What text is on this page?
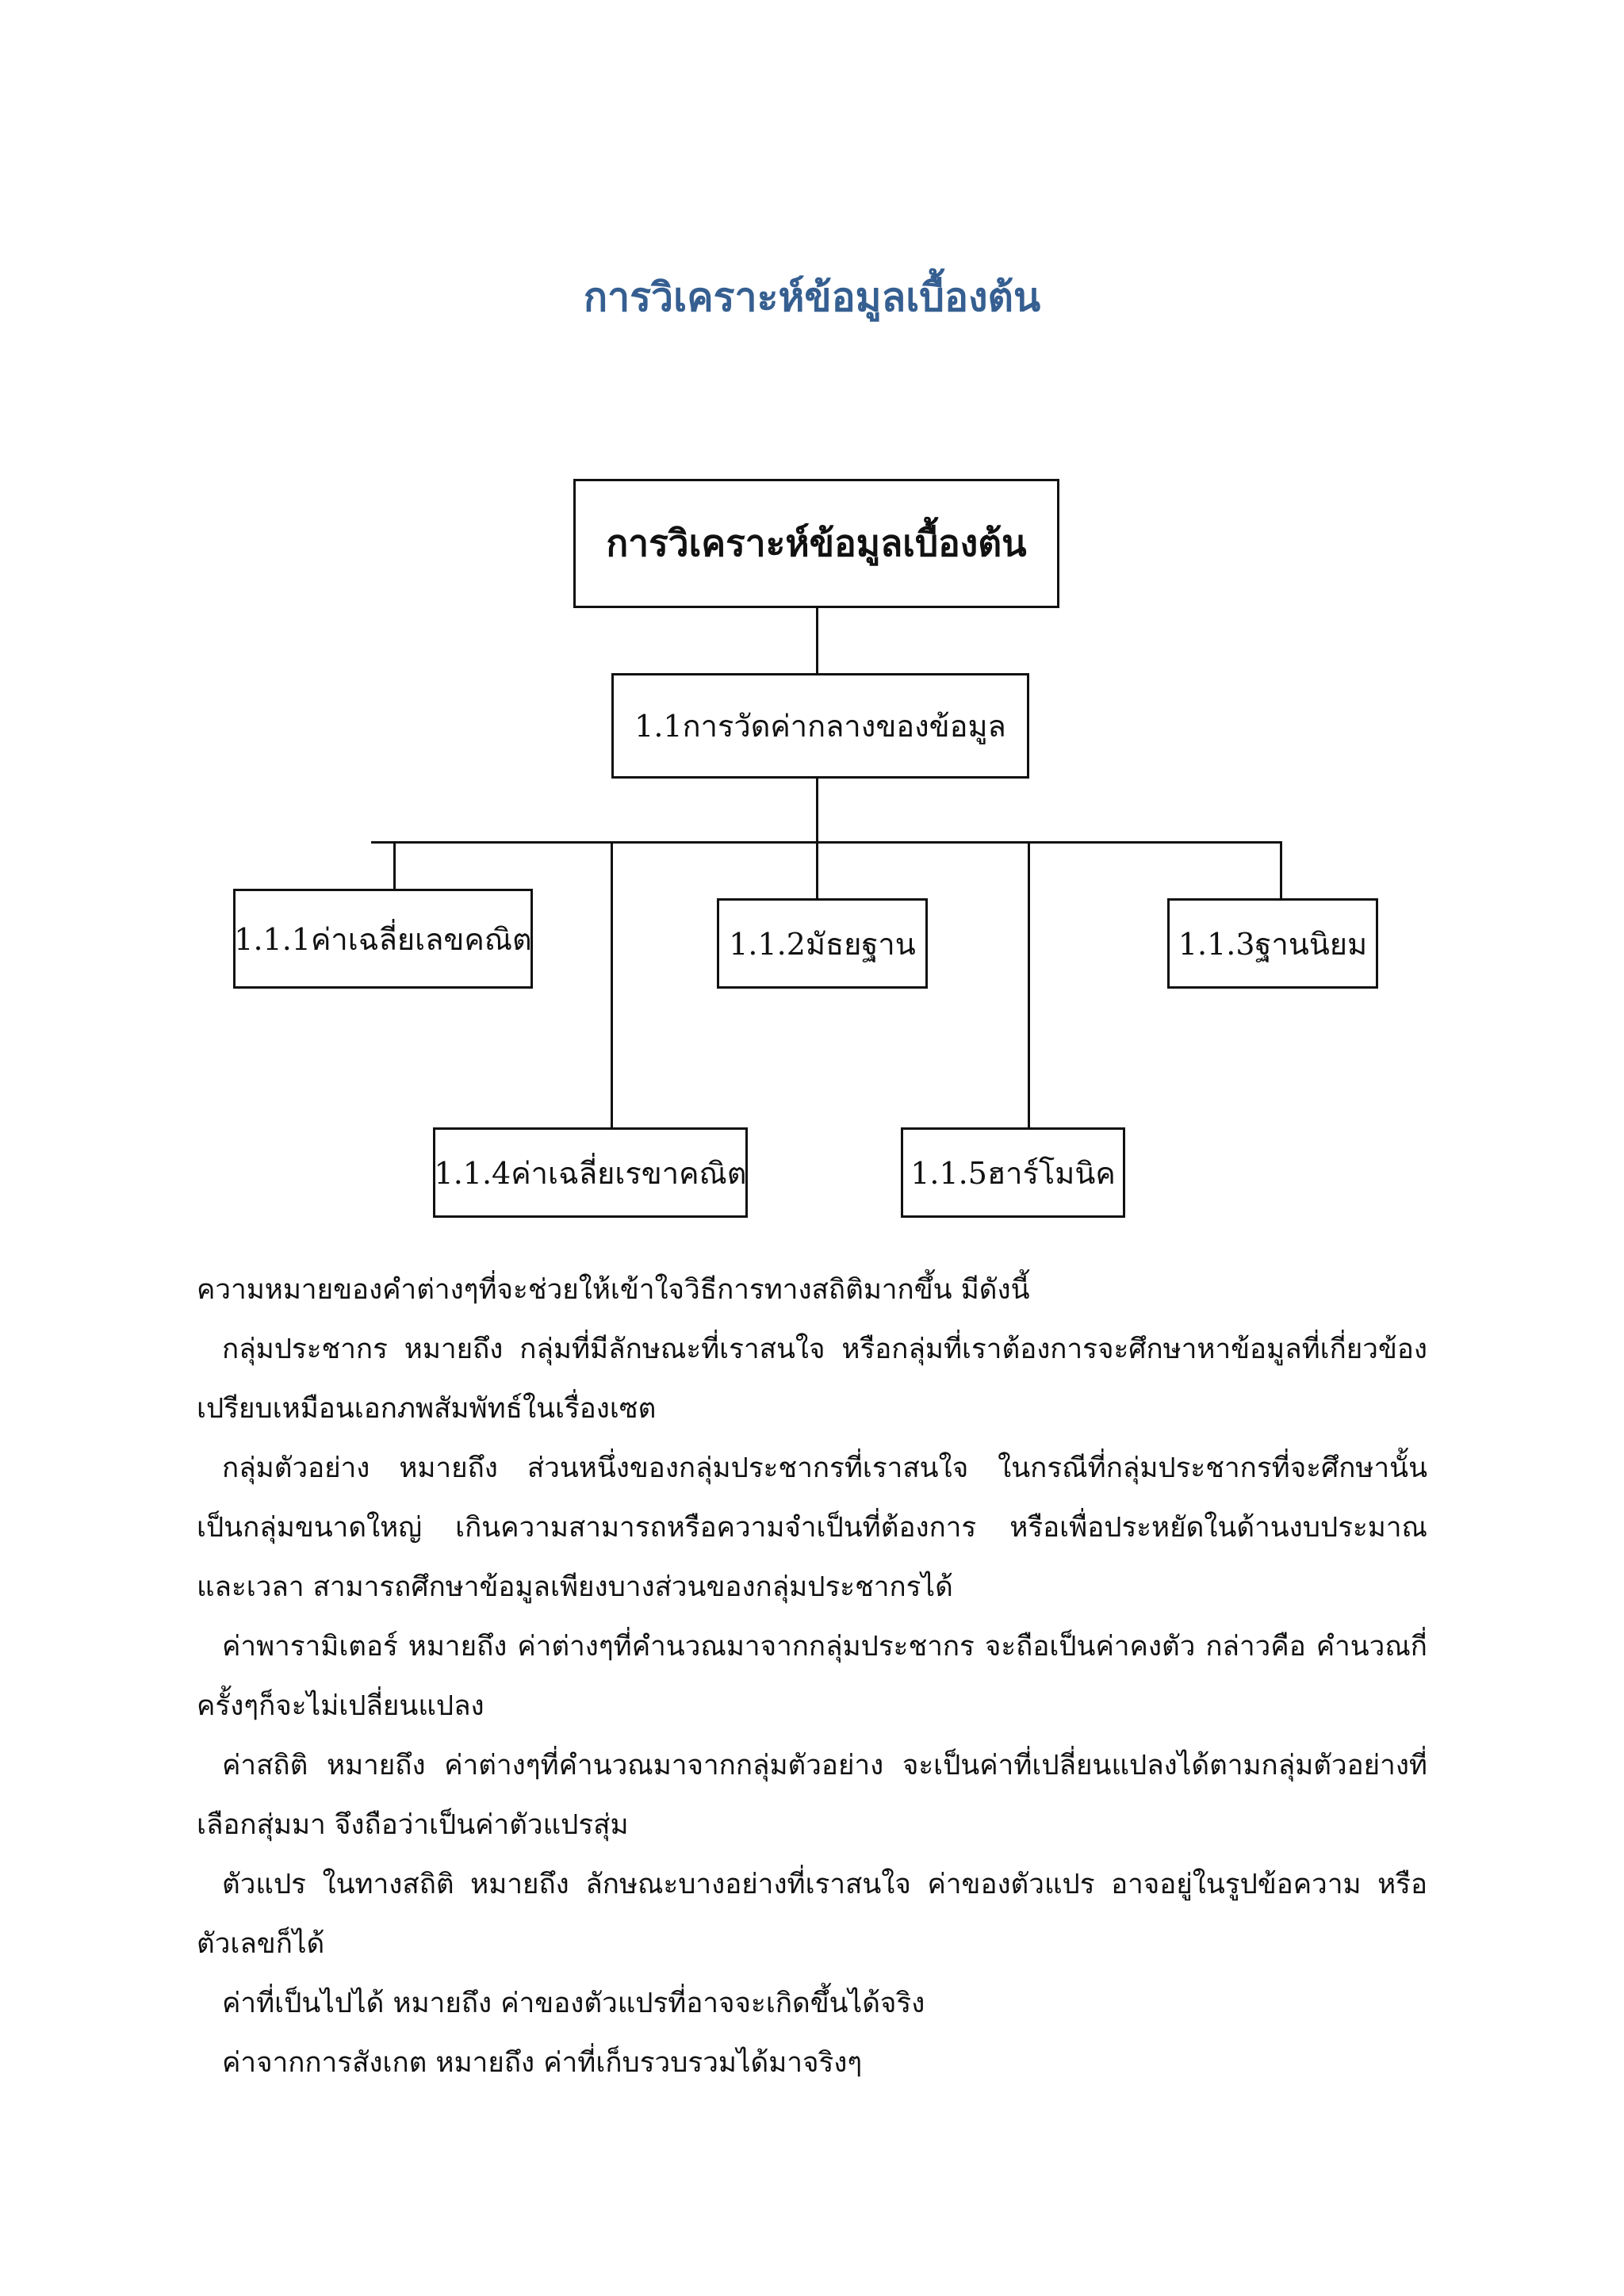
การวิเคราะห์ข้อมูลเบื้องต้น
การวิเคราะห์ข้อมูลเบื้องต้น
1.1การวัดค่ากลางของข้อมูล
1.1.1ค่าเฉลี่ยเลขคณิต	1.1.2มัธยฐาน	1.1.3ฐานนิยม
1.1.4ค่าเฉลี่ยเรขาคณิต	1.1.5ฮาร์โมนิค

ความหมายของคำต่างๆที่จะช่วยให้เข้าใจวิธีการทางสถิติมากขึ้น มีดังนี้

กลุ่มประชากร หมายถึง กลุ่มที่มีลักษณะที่เราสนใจ หรือกลุ่มที่เราต้องการจะศึกษาหาข้อมูลที่เกี่ยวข้อง เปรียบเหมือนเอกภพสัมพัทธ์ในเรื่องเซต

กลุ่มตัวอย่าง หมายถึง ส่วนหนึ่งของกลุ่มประชากรที่เราสนใจ ในกรณีที่กลุ่มประชากรที่จะศึกษานั้นเป็นกลุ่มขนาดใหญ่ เกินความสามารถหรือความจำเป็นที่ต้องการ หรือเพื่อประหยัดในด้านงบประมาณและเวลา สามารถศึกษาข้อมูลเพียงบางส่วนของกลุ่มประชากรได้

ค่าพารามิเตอร์ หมายถึง ค่าต่างๆที่คำนวณมาจากกลุ่มประชากร จะถือเป็นค่าคงตัว กล่าวคือ คำนวณกี่ครั้งๆก็จะไม่เปลี่ยนแปลง

ค่าสถิติ หมายถึง ค่าต่างๆที่คำนวณมาจากกลุ่มตัวอย่าง จะเป็นค่าที่เปลี่ยนแปลงได้ตามกลุ่มตัวอย่างที่เลือกสุ่มมา จึงถือว่าเป็นค่าตัวแปรสุ่ม

ตัวแปร ในทางสถิติ หมายถึง ลักษณะบางอย่างที่เราสนใจ ค่าของตัวแปร อาจอยู่ในรูปข้อความ หรือตัวเลขก็ได้

ค่าที่เป็นไปได้ หมายถึง ค่าของตัวแปรที่อาจจะเกิดขึ้นได้จริง

ค่าจากการสังเกต หมายถึง ค่าที่เก็บรวบรวมได้มาจริงๆ
